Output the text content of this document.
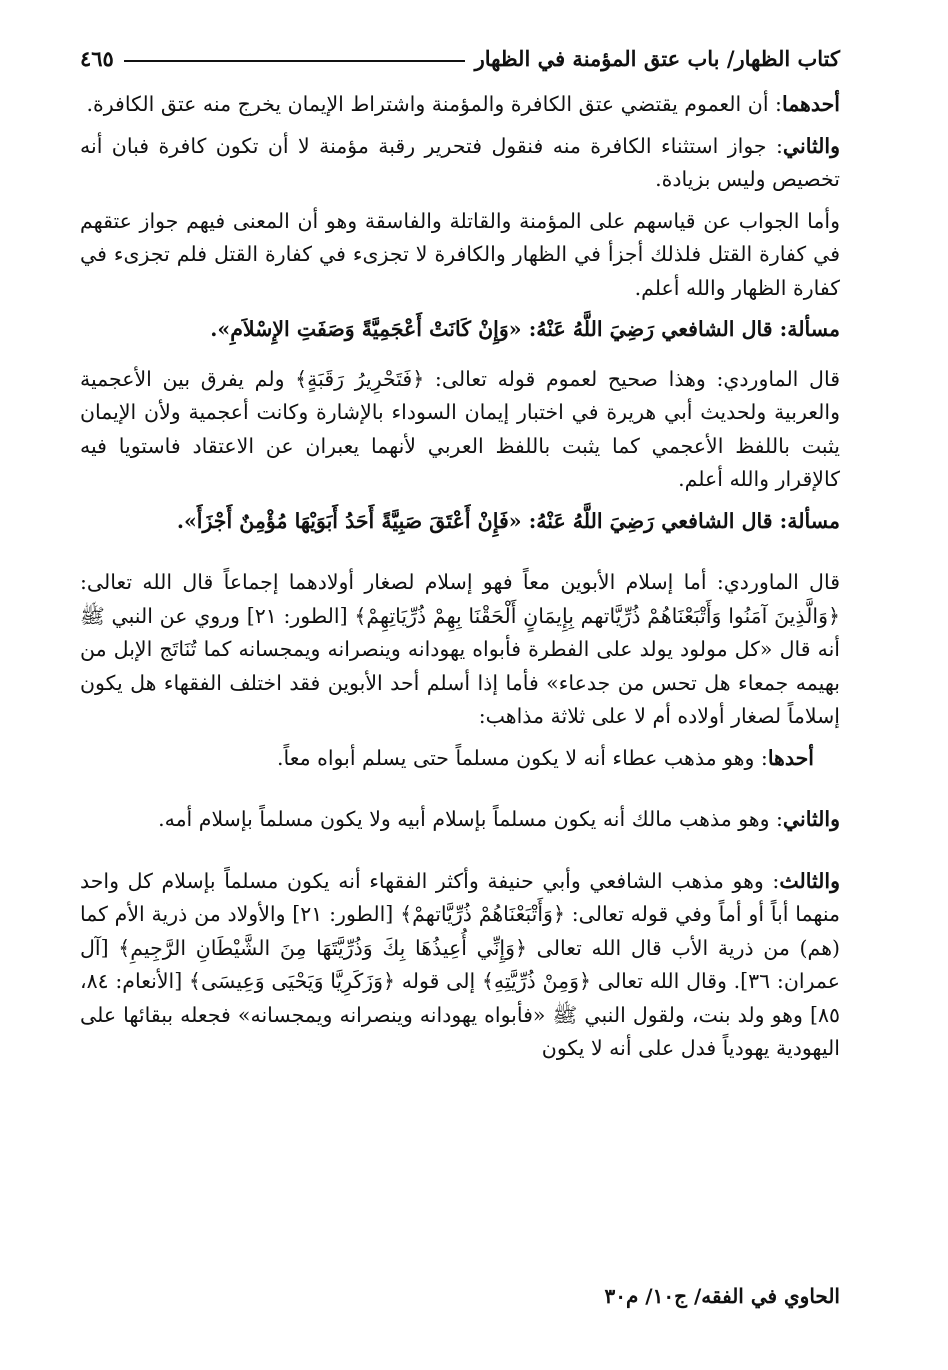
كتاب الظهار/ باب عتق المؤمنة في الظهار
٤٦٥

أحدهما: أن العموم يقتضي عتق الكافرة والمؤمنة واشتراط الإيمان يخرج منه عتق الكافرة.

والثاني: جواز استثناء الكافرة منه فنقول فتحرير رقبة مؤمنة لا أن تكون كافرة فبان أنه تخصيص وليس بزيادة.

وأما الجواب عن قياسهم على المؤمنة والقاتلة والفاسقة وهو أن المعنى فيهم جواز عتقهم في كفارة القتل فلذلك أجزأ في الظهار والكافرة لا تجزىء في كفارة القتل فلم تجزىء في كفارة الظهار والله أعلم.

مسألة: قال الشافعي رَضِيَ اللَّهُ عَنْهُ: «وَإِنْ كَانَتْ أَعْجَمِيَّةً وَصَفَتِ الإِسْلاَمِ».

قال الماوردي: وهذا صحيح لعموم قوله تعالى: ﴿فَتَحْرِيرُ رَقَبَةٍ﴾ ولم يفرق بين الأعجمية والعربية ولحديث أبي هريرة في اختبار إيمان السوداء بالإشارة وكانت أعجمية ولأن الإيمان يثبت باللفظ الأعجمي كما يثبت باللفظ العربي لأنهما يعبران عن الاعتقاد فاستويا فيه كالإقرار والله أعلم.

مسألة: قال الشافعي رَضِيَ اللَّهُ عَنْهُ: «فَإِنْ أَعْتَقَ صَبِيَّةً أَحَدُ أَبَوَيْهَا مُؤْمِنٌ أَجْزَأَ».

قال الماوردي: أما إسلام الأبوين معاً فهو إسلام لصغار أولادهما إجماعاً قال الله تعالى: ﴿وَالَّذِينَ آمَنُوا وَأَتْبَعْنَاهُمْ ذُرِّيَّاتهم بِإِيمَانٍ أَلْحَقْنَا بِهِمْ ذُرِّيَاتِهِمْ﴾ [الطور: ٢١] وروي عن النبي ﷺ أنه قال «كل مولود يولد على الفطرة فأبواه يهودانه وينصرانه ويمجسانه كما تُنَاتَج الإبل من بهيمه جمعاء هل تحس من جدعاء» فأما إذا أسلم أحد الأبوين فقد اختلف الفقهاء هل يكون إسلاماً لصغار أولاده أم لا على ثلاثة مذاهب:

أحدها: وهو مذهب عطاء أنه لا يكون مسلماً حتى يسلم أبواه معاً.

والثاني: وهو مذهب مالك أنه يكون مسلماً بإسلام أبيه ولا يكون مسلماً بإسلام أمه.

والثالث: وهو مذهب الشافعي وأبي حنيفة وأكثر الفقهاء أنه يكون مسلماً بإسلام كل واحد منهما أباً أو أماً وفي قوله تعالى: ﴿وَأَتْبَعْنَاهُمْ ذُرِّيَّاتهمْ﴾ [الطور: ٢١] والأولاد من ذرية الأم كما (هم) من ذرية الأب قال الله تعالى ﴿وَإِنِّي أُعِيذُهَا بِكَ وَذُرِّيَّتَهَا مِنَ الشَّيْطَانِ الرَّجِيمِ﴾ [آل عمران: ٣٦]. وقال الله تعالى ﴿وَمِنْ ذُرِّيَّتِهِ﴾ إلى قوله ﴿وَزَكَرِيَّا وَيَحْيَى وَعِيسَى﴾ [الأنعام: ٨٤، ٨٥] وهو ولد بنت، ولقول النبي ﷺ «فأبواه يهودانه وينصرانه ويمجسانه» فجعله ببقائها على اليهودية يهودياً فدل على أنه لا يكون

الحاوي في الفقه/ ج١٠/ م٣٠
